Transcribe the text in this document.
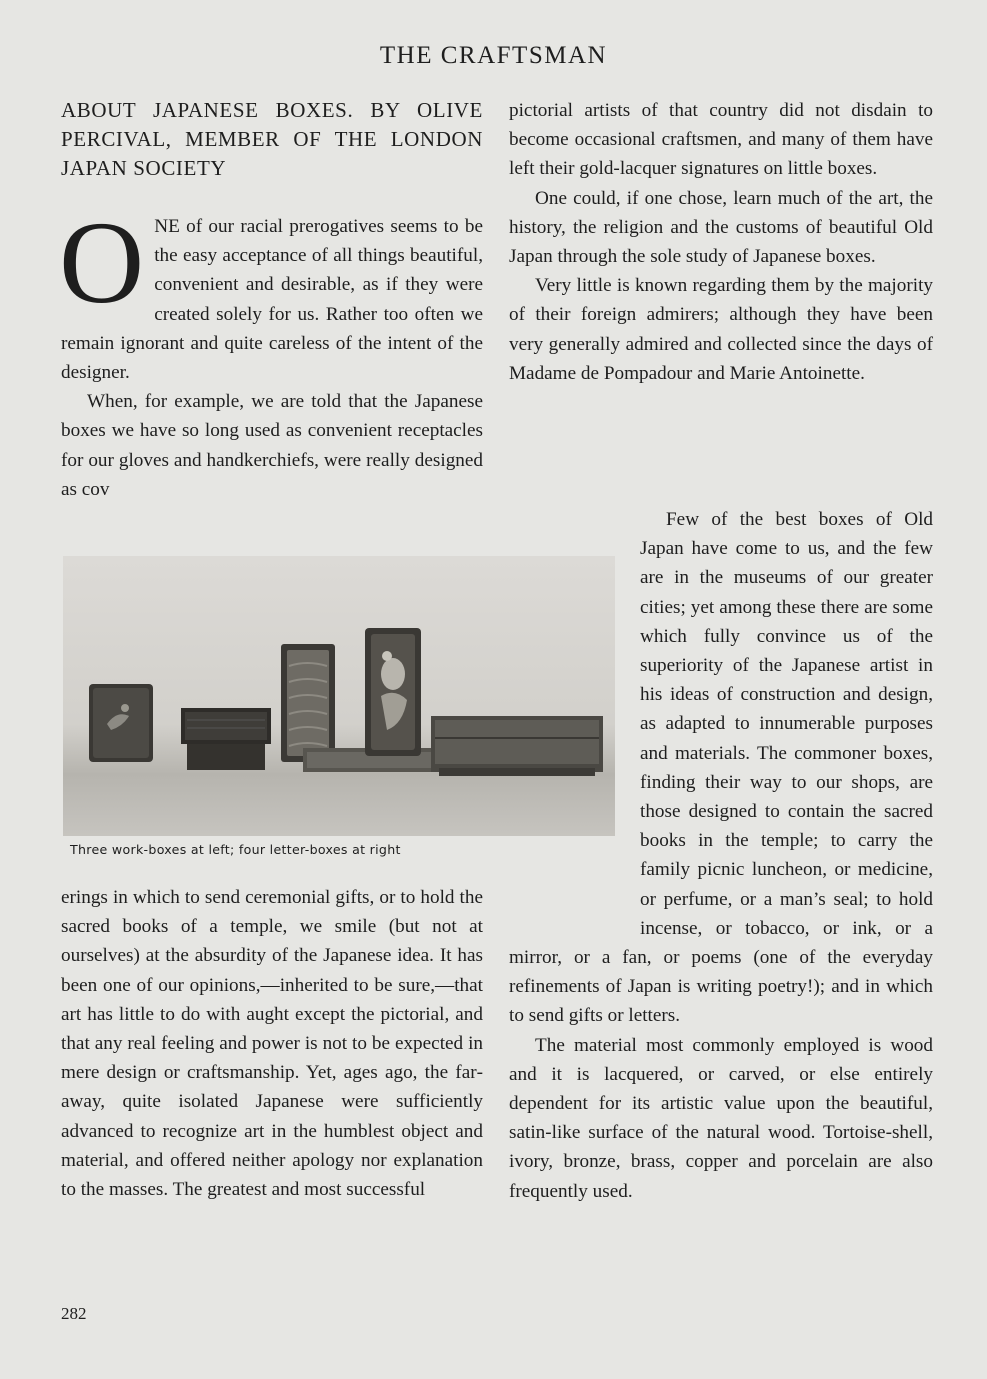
THE CRAFTSMAN
ABOUT JAPANESE BOXES. BY OLIVE PERCIVAL, MEMBER OF THE LONDON JAPAN SOCIETY

ONE of our racial prerogatives seems to be the easy acceptance of all things beautiful, convenient and desirable, as if they were created solely for us. Rather too often we remain ignorant and quite careless of the intent of the designer.

When, for example, we are told that the Japanese boxes we have so long used as convenient receptacles for our gloves and handkerchiefs, were really designed as cov

Three work-boxes at left; four letter-boxes at right

erings in which to send ceremonial gifts, or to hold the sacred books of a temple, we smile (but not at ourselves) at the absurdity of the Japanese idea. It has been one of our opinions,—inherited to be sure,—that art has little to do with aught except the pictorial, and that any real feeling and power is not to be expected in mere design or craftsmanship. Yet, ages ago, the faraway, quite isolated Japanese were sufficiently advanced to recognize art in the humblest object and material, and offered neither apology nor explanation to the masses. The greatest and most successful

pictorial artists of that country did not disdain to become occasional craftsmen, and many of them have left their gold-lacquer signatures on little boxes.

One could, if one chose, learn much of the art, the history, the religion and the customs of beautiful Old Japan through the sole study of Japanese boxes.

Very little is known regarding them by the majority of their foreign admirers; although they have been very generally admired and collected since the days of Madame de Pompadour and Marie Antoinette.

Few of the best boxes of Old Japan have come to us, and the few are in the museums of our greater cities; yet among these there are some which fully convince us of the superiority of the Japanese artist in his ideas of construction and design, as adapted to innumerable purposes and materials. The commoner boxes, finding their way to our shops, are those designed to contain the sacred books in the temple; to carry the family picnic luncheon, or medicine, or perfume, or a man’s seal; to hold incense, or tobacco, or ink, or a mirror, or a fan, or poems (one of the everyday refinements of Japan is writing poetry!); and in which to send gifts or letters.

The material most commonly employed is wood and it is lacquered, or carved, or else entirely dependent for its artistic value upon the beautiful, satin-like surface of the natural wood. Tortoise-shell, ivory, bronze, brass, copper and porcelain are also frequently used.

282
